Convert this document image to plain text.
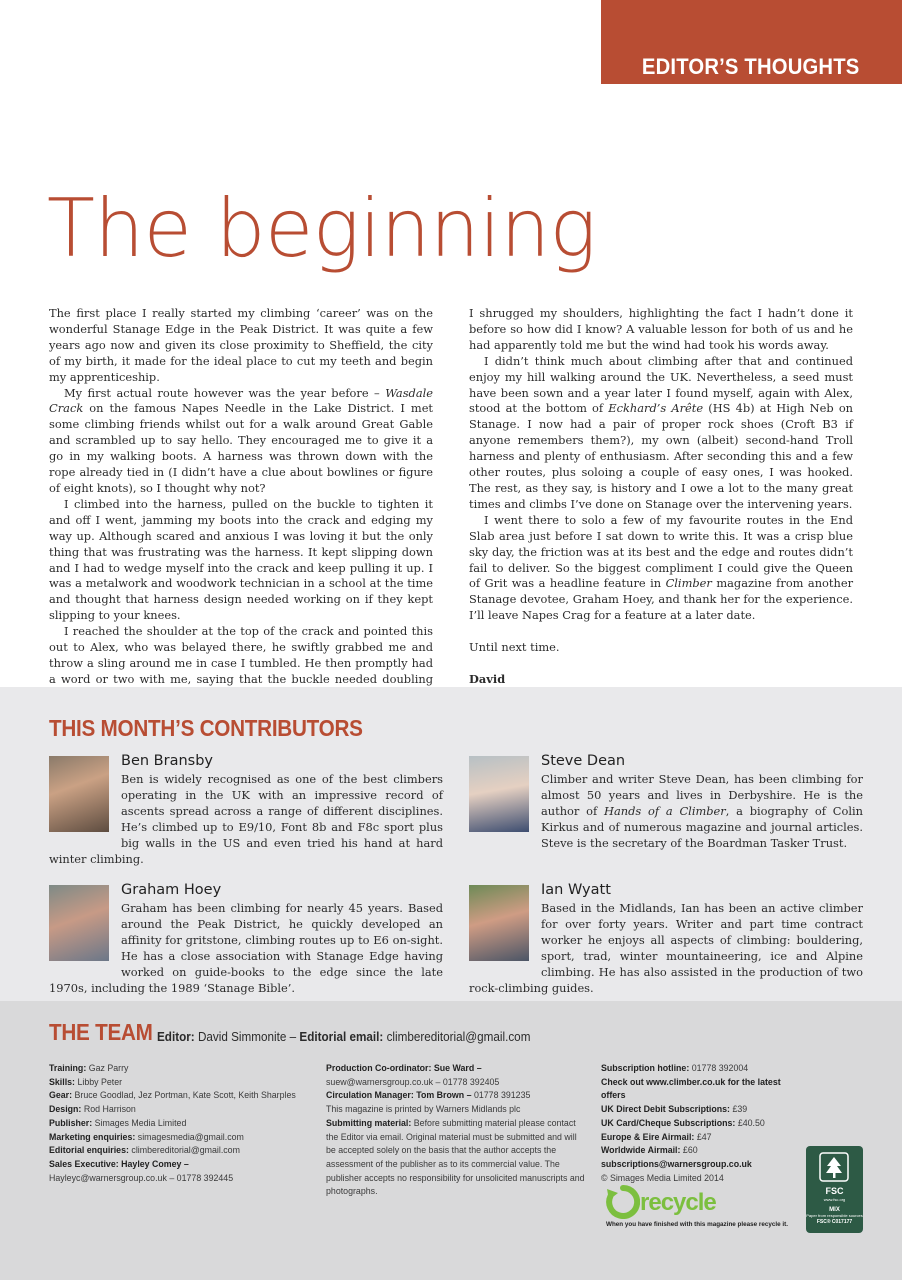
EDITOR’S THOUGHTS
The beginning

The first place I really started my climbing ‘career’ was on the wonderful Stanage Edge in the Peak District. It was quite a few years ago now and given its close proximity to Sheffield, the city of my birth, it made for the ideal place to cut my teeth and begin my apprenticeship.

My first actual route however was the year before – Wasdale Crack on the famous Napes Needle in the Lake District. I met some climbing friends whilst out for a walk around Great Gable and scrambled up to say hello. They encouraged me to give it a go in my walking boots. A harness was thrown down with the rope already tied in (I didn’t have a clue about bowlines or figure of eight knots), so I thought why not?

I climbed into the harness, pulled on the buckle to tighten it and off I went, jamming my boots into the crack and edging my way up. Although scared and anxious I was loving it but the only thing that was frustrating was the harness. It kept slipping down and I had to wedge myself into the crack and keep pulling it up. I was a metalwork and woodwork technician in a school at the time and thought that harness design needed working on if they kept slipping to your knees.

I reached the shoulder at the top of the crack and pointed this out to Alex, who was belayed there, he swiftly grabbed me and throw a sling around me in case I tumbled. He then promptly had a word or two with me, saying that the buckle needed doubling

I shrugged my shoulders, highlighting the fact I hadn’t done it before so how did I know? A valuable lesson for both of us and he had apparently told me but the wind had took his words away.

I didn’t think much about climbing after that and continued enjoy my hill walking around the UK. Nevertheless, a seed must have been sown and a year later I found myself, again with Alex, stood at the bottom of Eckhard’s Arête (HS 4b) at High Neb on Stanage. I now had a pair of proper rock shoes (Croft B3 if anyone remembers them?), my own (albeit) second-hand Troll harness and plenty of enthusiasm. After seconding this and a few other routes, plus soloing a couple of easy ones, I was hooked. The rest, as they say, is history and I owe a lot to the many great times and climbs I’ve done on Stanage over the intervening years.

I went there to solo a few of my favourite routes in the End Slab area just before I sat down to write this. It was a crisp blue sky day, the friction was at its best and the edge and routes didn’t fail to deliver. So the biggest compliment I could give the Queen of Grit was a headline feature in Climber magazine from another Stanage devotee, Graham Hoey, and thank her for the experience. I’ll leave Napes Crag for a feature at a later date.

Until next time.

David

THIS MONTH’S CONTRIBUTORS
Ben Bransby

Ben is widely recognised as one of the best climbers operating in the UK with an impressive record of ascents spread across a range of different disciplines. He’s climbed up to E9/10, Font 8b and F8c sport plus big walls in the US and even tried his hand at hard winter climbing.

Steve Dean

Climber and writer Steve Dean, has been climbing for almost 50 years and lives in Derbyshire. He is the author of Hands of a Climber, a biography of Colin Kirkus and of numerous magazine and journal articles. Steve is the secretary of the Boardman Tasker Trust.

Graham Hoey

Graham has been climbing for nearly 45 years. Based around the Peak District, he quickly developed an affinity for gritstone, climbing routes up to E6 on-sight. He has a close association with Stanage Edge having worked on guide-books to the edge since the late 1970s, including the 1989 ‘Stanage Bible’.

Ian Wyatt

Based in the Midlands, Ian has been an active climber for over forty years. Writer and part time contract worker he enjoys all aspects of climbing: bouldering, sport, trad, winter mountaineering, ice and Alpine climbing. He has also assisted in the production of two rock-climbing guides.

THE TEAM Editor: David Simmonite – Editorial email: climbereditorial@gmail.com
Training: Gaz Parry
Skills: Libby Peter
Gear: Bruce Goodlad, Jez Portman, Kate Scott, Keith Sharples
Design: Rod Harrison
Publisher: Simages Media Limited
Marketing enquiries: simagesmedia@gmail.com
Editorial enquiries: climbereditorial@gmail.com
Sales Executive: Hayley Comey –
Hayleyc@warnersgroup.co.uk – 01778 392445
Production Co-ordinator: Sue Ward –
suew@warnersgroup.co.uk – 01778 392405
Circulation Manager: Tom Brown – 01778 391235
This magazine is printed by Warners Midlands plc
Submitting material: Before submitting material please contact the Editor via email. Original material must be submitted and will be accepted solely on the basis that the author accepts the assessment of the publisher as to its commercial value. The publisher accepts no responsibility for unsolicited manuscripts and photographs.
Subscription hotline: 01778 392004
Check out www.climber.co.uk for the latest offers
UK Direct Debit Subscriptions: £39
UK Card/Cheque Subscriptions: £40.50
Europe & Eire Airmail: £47
Worldwide Airmail: £60
subscriptions@warnersgroup.co.uk
© Simages Media Limited 2014
recycle
When you have finished with this magazine please recycle it.
FSC
www.fsc.org
MIX
Paper from responsible sources
FSC® C017177
